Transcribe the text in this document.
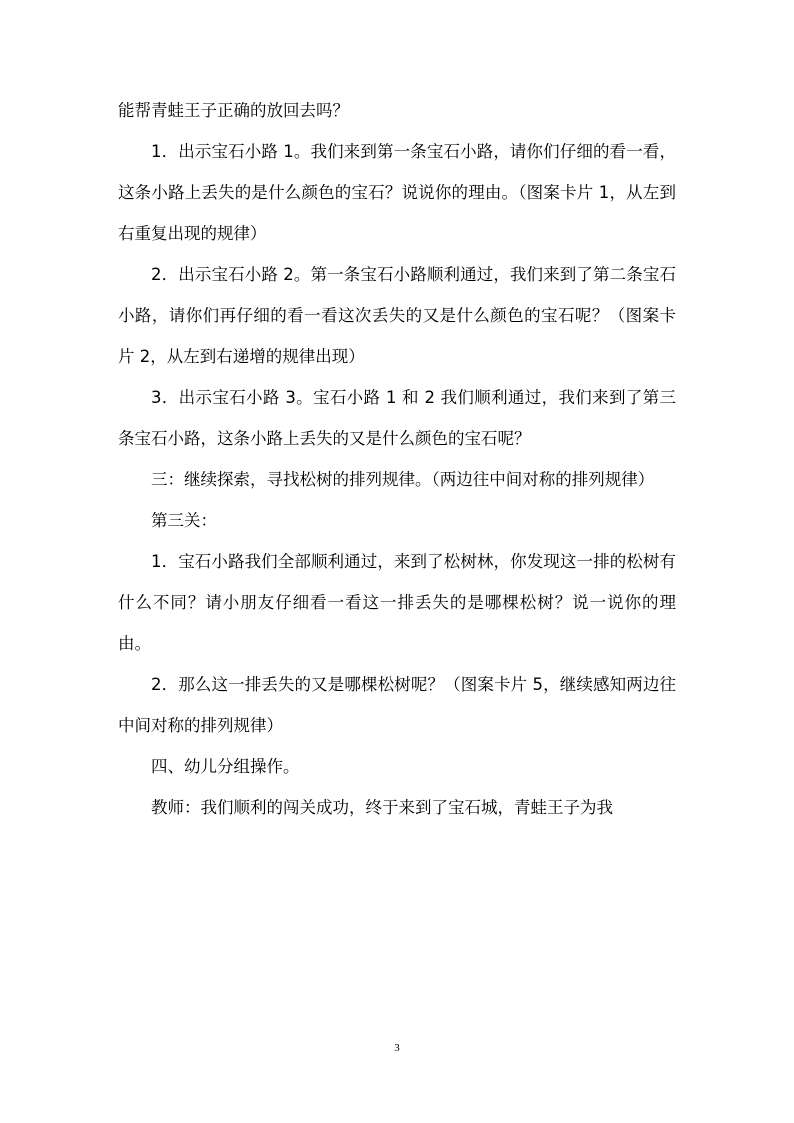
能帮青蛙王子正确的放回去吗？

1．出示宝石小路 1。我们来到第一条宝石小路，请你们仔细的看一看，这条小路上丢失的是什么颜色的宝石？说说你的理由。（图案卡片 1，从左到右重复出现的规律）

2．出示宝石小路 2。第一条宝石小路顺利通过，我们来到了第二条宝石小路，请你们再仔细的看一看这次丢失的又是什么颜色的宝石呢？（图案卡片 2，从左到右递增的规律出现）

3．出示宝石小路 3。宝石小路 1 和 2 我们顺利通过，我们来到了第三条宝石小路，这条小路上丢失的又是什么颜色的宝石呢？

三：继续探索，寻找松树的排列规律。（两边往中间对称的排列规律）

第三关：

1．宝石小路我们全部顺利通过，来到了松树林，你发现这一排的松树有什么不同？请小朋友仔细看一看这一排丢失的是哪棵松树？说一说你的理由。

2．那么这一排丢失的又是哪棵松树呢？（图案卡片 5，继续感知两边往中间对称的排列规律）

四、幼儿分组操作。

教师：我们顺利的闯关成功，终于来到了宝石城，青蛙王子为我

3
